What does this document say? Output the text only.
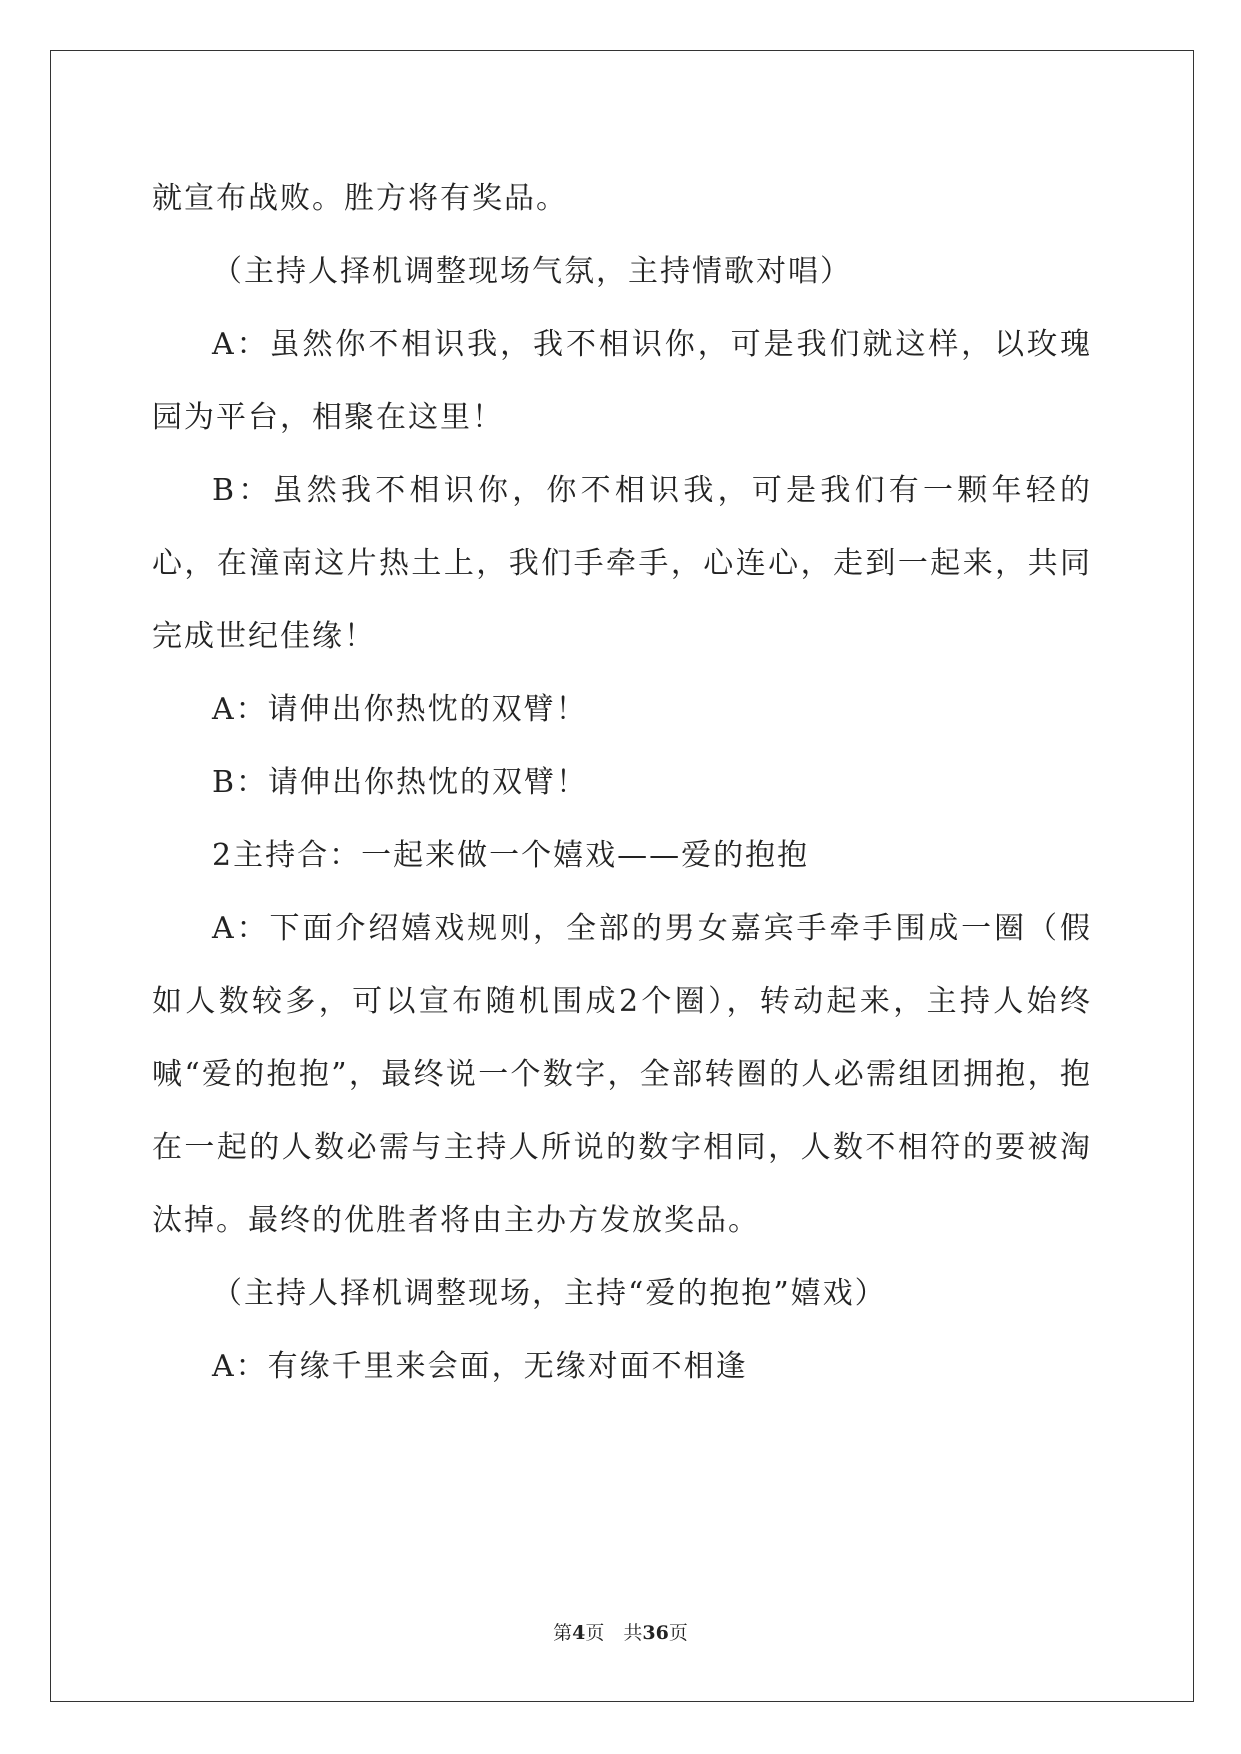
就宣布战败。胜方将有奖品。

（主持人择机调整现场气氛，主持情歌对唱）

A：虽然你不相识我，我不相识你，可是我们就这样，以玫瑰园为平台，相聚在这里！

B：虽然我不相识你，你不相识我，可是我们有一颗年轻的心，在潼南这片热土上，我们手牵手，心连心，走到一起来，共同完成世纪佳缘！

A：请伸出你热忱的双臂！

B：请伸出你热忱的双臂！

2主持合：一起来做一个嬉戏——爱的抱抱

A：下面介绍嬉戏规则，全部的男女嘉宾手牵手围成一圈（假如人数较多，可以宣布随机围成2个圈），转动起来，主持人始终喊“爱的抱抱”，最终说一个数字，全部转圈的人必需组团拥抱，抱在一起的人数必需与主持人所说的数字相同，人数不相符的要被淘汰掉。最终的优胜者将由主办方发放奖品。

（主持人择机调整现场，主持“爱的抱抱”嬉戏）

A：有缘千里来会面，无缘对面不相逢

第4页　共36页
